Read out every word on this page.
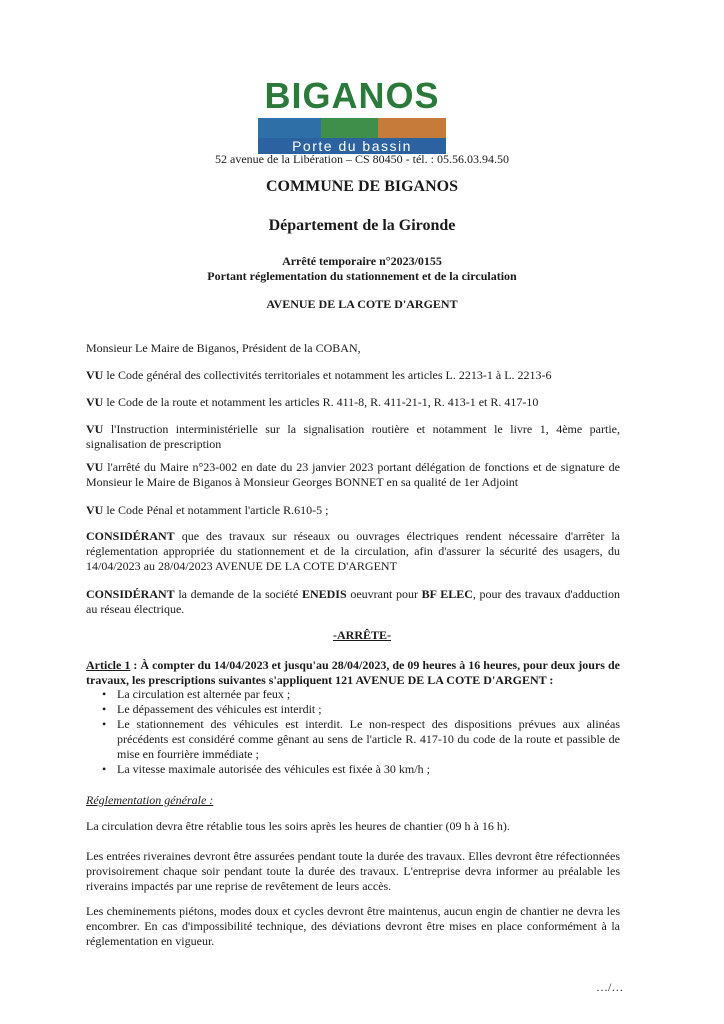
BIGANOS
Porte du bassin
52 avenue de la Libération – CS 80450 - tél. : 05.56.03.94.50
COMMUNE DE BIGANOS
Département de la Gironde
Arrêté temporaire n°2023/0155
Portant réglementation du stationnement et de la circulation
AVENUE DE LA COTE D'ARGENT

Monsieur Le Maire de Biganos, Président de la COBAN,

VU le Code général des collectivités territoriales et notamment les articles L. 2213-1 à L. 2213-6

VU le Code de la route et notamment les articles R. 411-8, R. 411-21-1, R. 413-1 et R. 417-10

VU l'Instruction interministérielle sur la signalisation routière et notamment le livre 1, 4ème partie, signalisation de prescription

VU l'arrêté du Maire n°23-002 en date du 23 janvier 2023 portant délégation de fonctions et de signature de Monsieur le Maire de Biganos à Monsieur Georges BONNET en sa qualité de 1er Adjoint

VU le Code Pénal et notamment l'article R.610-5 ;

CONSIDÉRANT que des travaux sur réseaux ou ouvrages électriques rendent nécessaire d'arrêter la réglementation appropriée du stationnement et de la circulation, afin d'assurer la sécurité des usagers, du 14/04/2023 au 28/04/2023 AVENUE DE LA COTE D'ARGENT

CONSIDÉRANT la demande de la société ENEDIS oeuvrant pour BF ELEC, pour des travaux d'adduction au réseau électrique.

-ARRÊTE-

Article 1 : À compter du 14/04/2023 et jusqu'au 28/04/2023, de 09 heures à 16 heures, pour deux jours de travaux, les prescriptions suivantes s'appliquent 121 AVENUE DE LA COTE D'ARGENT :

• La circulation est alternée par feux ;
• Le dépassement des véhicules est interdit ;
• Le stationnement des véhicules est interdit. Le non-respect des dispositions prévues aux alinéas précédents est considéré comme gênant au sens de l'article R. 417-10 du code de la route et passible de mise en fourrière immédiate ;
• La vitesse maximale autorisée des véhicules est fixée à 30 km/h ;

Réglementation générale :

La circulation devra être rétablie tous les soirs après les heures de chantier (09 h à 16 h).

Les entrées riveraines devront être assurées pendant toute la durée des travaux. Elles devront être réfectionnées provisoirement chaque soir pendant toute la durée des travaux. L'entreprise devra informer au préalable les riverains impactés par une reprise de revêtement de leurs accès.

Les cheminements piétons, modes doux et cycles devront être maintenus, aucun engin de chantier ne devra les encombrer. En cas d'impossibilité technique, des déviations devront être mises en place conformément à la réglementation en vigueur.

…/…
